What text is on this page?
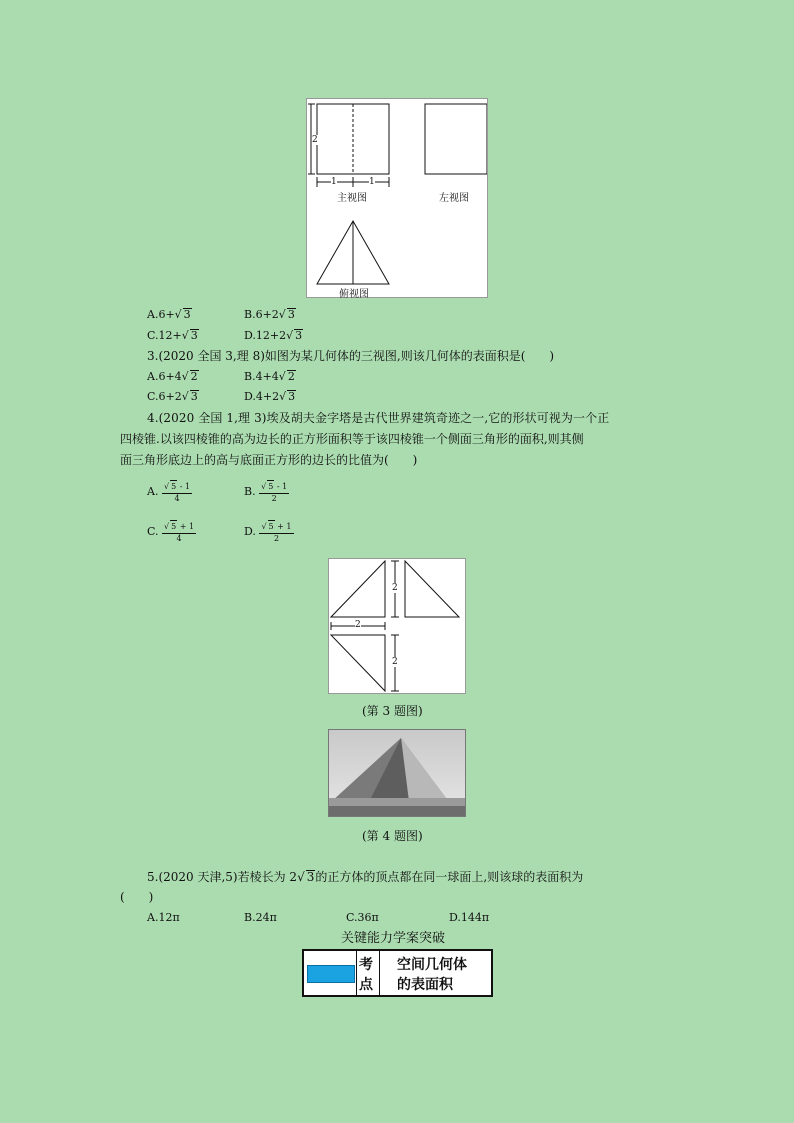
2
1	1
主视图	左视图
俯视图
A.6+√ 3	B.6+2√ 3
C.12+√ 3	D.12+2√ 3
3.(2020 全国 3,理 8)如图为某几何体的三视图,则该几何体的表面积是(　　)
A.6+4√ 2	B.4+4√ 2
C.6+2√ 3	D.4+2√ 3
4.(2020 全国 1,理 3)埃及胡夫金字塔是古代世界建筑奇迹之一,它的形状可视为一个正
四棱锥.以该四棱锥的高为边长的正方形面积等于该四棱锥一个侧面三角形的面积,则其侧
面三角形底边上的高与底面正方形的边长的比值为(　　)
A. $\frac{√ 5 - 1}{4}$	B. $\frac{√ 5 - 1}{2}$
C. $\frac{√ 5 + 1}{4}$	D. $\frac{√ 5 + 1}{2}$
2
2
2
(第 3 题图)
(第 4 题图)
5.(2020 天津,5)若棱长为 2√ 3的正方体的顶点都在同一球面上,则该球的表面积为
(　　)
A.12π	B.24π	C.36π	D.144π
关键能力学案突破
考
点
空间几何体
的表面积
